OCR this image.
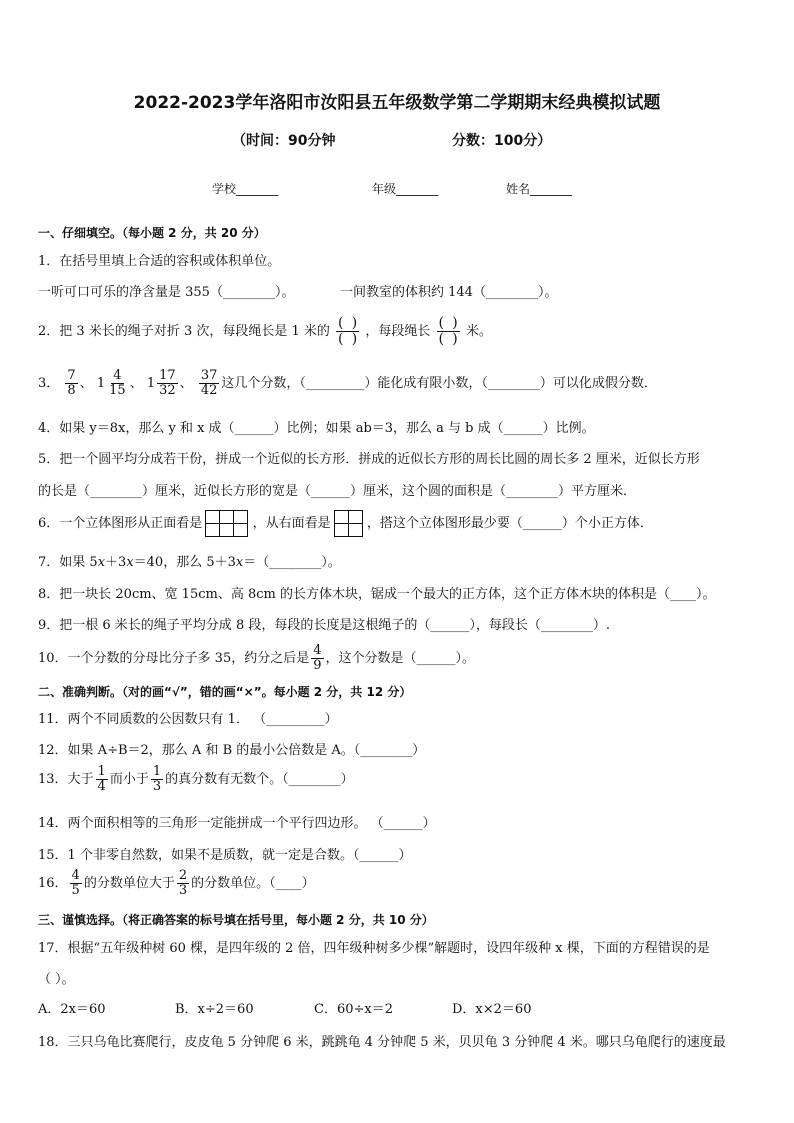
2022-2023学年洛阳市汝阳县五年级数学第二学期期末经典模拟试题
（时间：90分钟	分数：100分）
学校_______	年级_______	姓名_______
一、仔细填空。（每小题 2 分，共 20 分）
1．在括号里填上合适的容积或体积单位。
一听可口可乐的净含量是 355（________）。	一间教室的体积约 144（________）。
2．把 3 米长的绳子对折 3 次，每段绳长是 1 米的 $\frac{( )}{( )}$ ，每段绳长 $\frac{( )}{( )}$ 米。
3． $\frac{7}{8}$ 、 $1 \frac{4}{15}$ 、 $1 \frac{17}{32}$ 、 $\frac{37}{42}$ 这几个分数，（_________）能化成有限小数，（________）可以化成假分数．
4．如果 y＝8x，那么 y 和 x 成（______）比例；如果 ab＝3，那么 a 与 b 成（______）比例。
5．把一个圆平均分成若干份，拼成一个近似的长方形．拼成的近似长方形的周长比圆的周长多 2 厘米，近似长方形
的长是（________）厘米，近似长方形的宽是（______）厘米，这个圆的面积是（________）平方厘米．
6．一个立体图形从正面看是	，从右面看是	，搭这个立体图形最少要（______）个小正方体．
7．如果 5x＋3x＝40，那么 5＋3x＝（________）。
8．把一块长 20cm、宽 15cm、高 8cm 的长方体木块，锯成一个最大的正方体，这个正方体木块的体积是（____）。
9．把一根 6 米长的绳子平均分成 8 段，每段的长度是这根绳子的（______），每段长（________）.
10．一个分数的分母比分子多 35，约分之后是 $\frac{4}{9}$ ，这个分数是（______）。
二、准确判断。（对的画“√”，错的画“×”。每小题 2 分，共 12 分）
11．两个不同质数的公因数只有 1． （_________）
12．如果 A÷B＝2，那么 A 和 B 的最小公倍数是 A。（________）
13．大于 $\frac{1}{4}$ 而小于 $\frac{1}{3}$ 的真分数有无数个。（________）
14．两个面积相等的三角形一定能拼成一个平行四边形。 （______）
15．1 个非零自然数，如果不是质数，就一定是合数。（______）
16． $\frac{4}{5}$ 的分数单位大于 $\frac{2}{3}$ 的分数单位。（____）
三、谨慎选择。（将正确答案的标号填在括号里，每小题 2 分，共 10 分）
17．根据“五年级种树 60 棵，是四年级的 2 倍，四年级种树多少棵”解题时，设四年级种 x 棵，下面的方程错误的是
（ ）。
A．2x＝60	B．x÷2＝60	C．60÷x＝2	D．x×2＝60
18．三只乌龟比赛爬行，皮皮龟 5 分钟爬 6 米，跳跳龟 4 分钟爬 5 米，贝贝龟 3 分钟爬 4 米。哪只乌龟爬行的速度最
